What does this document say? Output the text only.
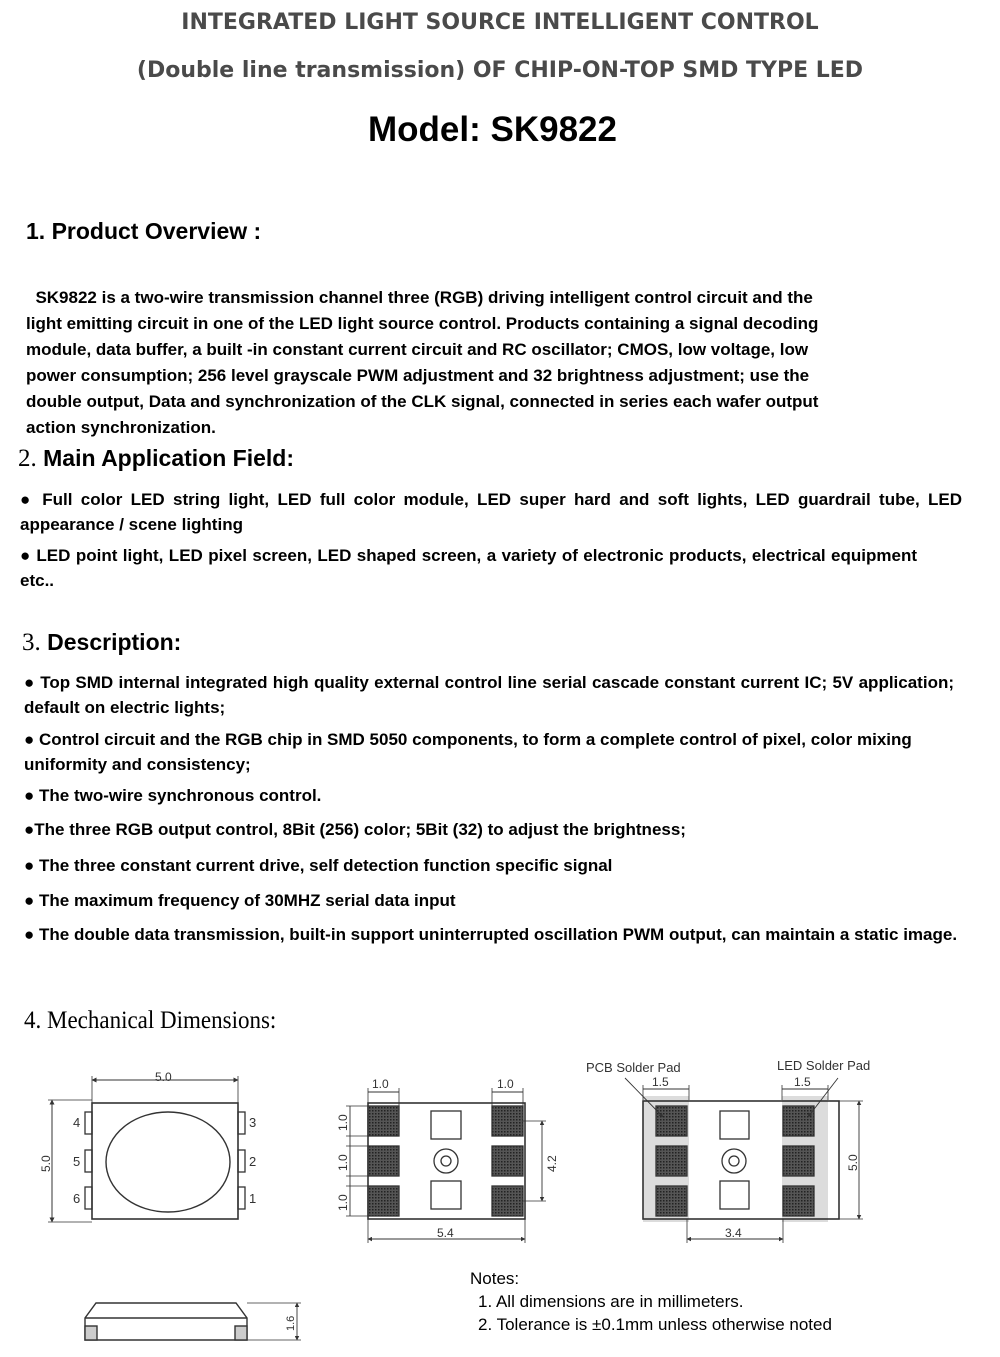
INTEGRATED LIGHT SOURCE INTELLIGENT CONTROL
(Double line transmission) OF CHIP-ON-TOP SMD TYPE LED
Model: SK9822
1. Product Overview :

SK9822 is a two-wire transmission channel three (RGB) driving intelligent control circuit and the
light emitting circuit in one of the LED light source control. Products containing a signal decoding
module, data buffer, a built -in constant current circuit and RC oscillator; CMOS, low voltage, low
power consumption; 256 level grayscale PWM adjustment and 32 brightness adjustment; use the
double output, Data and synchronization of the CLK signal, connected in series each wafer output
action synchronization.

2. Main Application Field:
● Full color LED string light, LED full color module, LED super hard and soft lights, LED guardrail tube, LED appearance / scene lighting
● LED point light, LED pixel screen, LED shaped screen, a variety of electronic products, electrical equipment etc..
3. Description:
● Top SMD internal integrated high quality external control line serial cascade constant current IC; 5V application; default on electric lights;
● Control circuit and the RGB chip in SMD 5050 components, to form a complete control of pixel, color mixing uniformity and consistency;
● The two-wire synchronous control.
●The three RGB output control, 8Bit (256) color; 5Bit (32) to adjust the brightness;
● The three constant current drive, self detection function specific signal
● The maximum frequency of 30MHZ serial data input
● The double data transmission, built-in support uninterrupted oscillation PWM output, can maintain a static image.
4. Mechanical Dimensions:
5.0
5.0
4
5
6
3
2
1
1.0	1.0
1.0
1.0
1.0
4.2
5.4
PCB Solder Pad	LED Solder Pad
1.5	1.5
5.0
3.4
1.6
Notes:
1. All dimensions are in millimeters.
2. Tolerance is ±0.1mm unless otherwise noted
